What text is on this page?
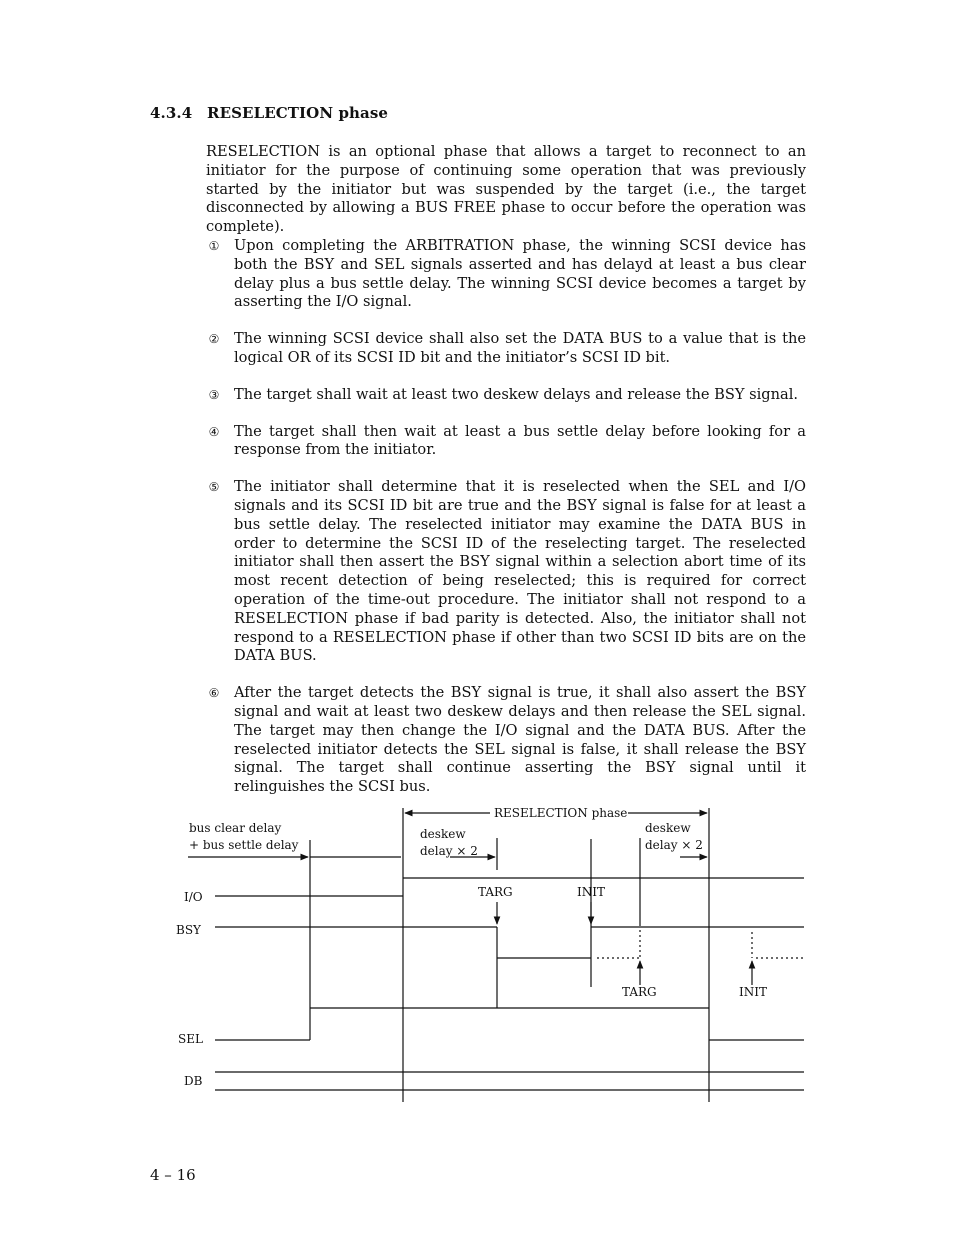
4.3.4 RESELECTION phase

RESELECTION is an optional phase that allows a target to reconnect to an initiator for the purpose of continuing some operation that was previously started by the initiator but was suspended by the target (i.e., the target disconnected by allowing a BUS FREE phase to occur before the operation was complete).

① Upon completing the ARBITRATION phase, the winning SCSI device has both the BSY and SEL signals asserted and has delayd at least a bus clear delay plus a bus settle delay. The winning SCSI device becomes a target by asserting the I/O signal.
② The winning SCSI device shall also set the DATA BUS to a value that is the logical OR of its SCSI ID bit and the initiator’s SCSI ID bit.
③ The target shall wait at least two deskew delays and release the BSY signal.
④ The target shall then wait at least a bus settle delay before looking for a response from the initiator.
⑤ The initiator shall determine that it is reselected when the SEL and I/O signals and its SCSI ID bit are true and the BSY signal is false for at least a bus settle delay. The reselected initiator may examine the DATA BUS in order to determine the SCSI ID of the reselecting target. The reselected initiator shall then assert the BSY signal within a selection abort time of its most recent detection of being reselected; this is required for correct operation of the time-out procedure. The initiator shall not respond to a RESELECTION phase if bad parity is detected. Also, the initiator shall not respond to a RESELECTION phase if other than two SCSI ID bits are on the DATA BUS.
⑥ After the target detects the BSY signal is true, it shall also assert the BSY signal and wait at least two deskew delays and then release the SEL signal. The target may then change the I/O signal and the DATA BUS. After the reselected initiator detects the SEL signal is false, it shall release the BSY signal. The target shall continue asserting the BSY signal until it relinguishes the SCSI bus.
RESELECTION phase
bus clear delay
+ bus settle delay
deskew
delay × 2
deskew
delay × 2
I/O
BSY
SEL
DB
TARG	INIT
TARG	INIT
4 – 16
